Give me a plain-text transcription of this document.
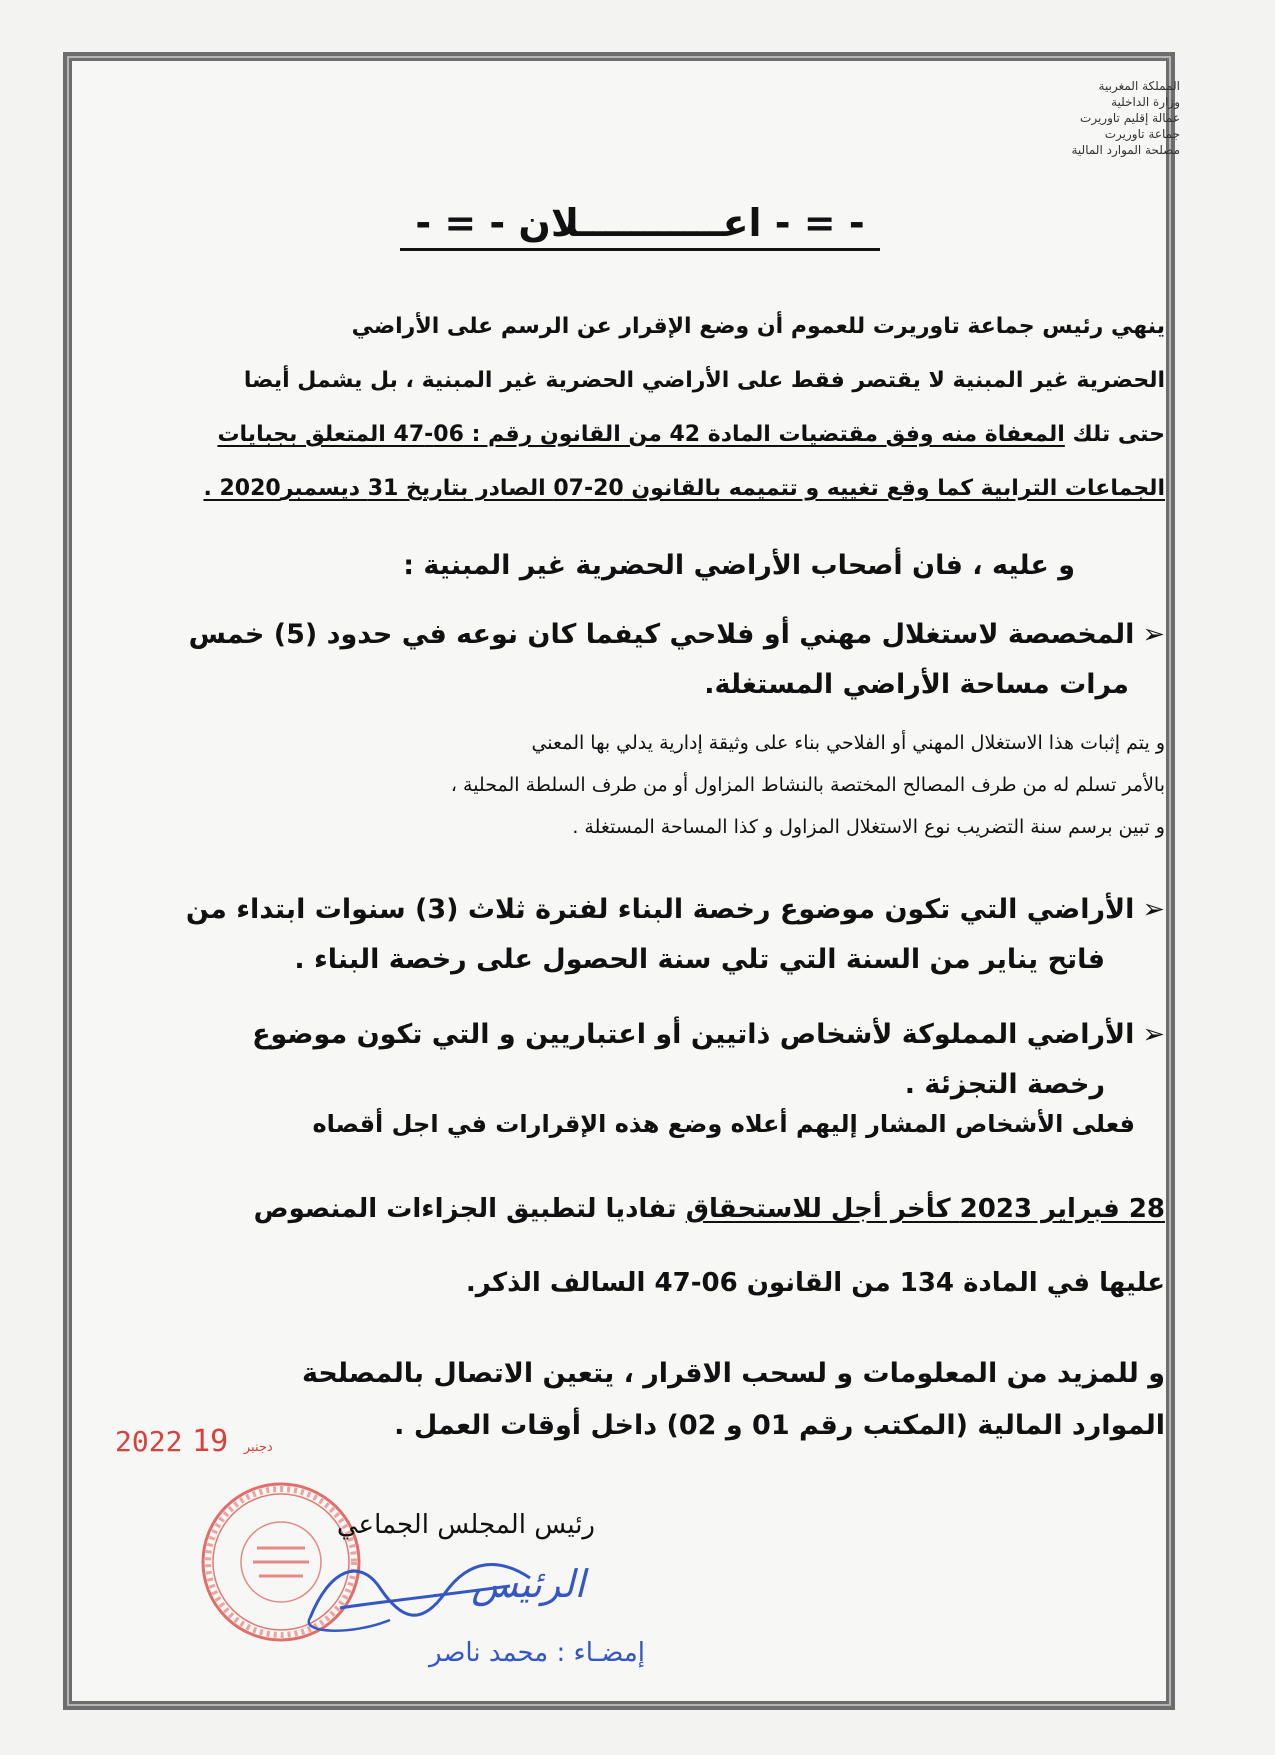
المملكة المغربية
وزارة الداخلية
عمالة إقليم تاوريرت
جماعة تاوريرت
مصلحة الموارد المالية
- = - اعـــــــــــلان - = -
ينهي رئيس جماعة تاوريرت للعموم أن وضع الإقرار عن الرسم على الأراضي
الحضرية غير المبنية لا يقتصر فقط على الأراضي الحضرية غير المبنية ، بل يشمل أيضا
حتى تلك المعفاة منه وفق مقتضيات المادة 42 من القانون رقم : 06-47 المتعلق بجبايات
الجماعات الترابية كما وقع تغييه و تتميمه بالقانون 20-07 الصادر بتاريخ 31 ديسمبر2020 .
و عليه ، فان أصحاب الأراضي الحضرية غير المبنية :
➢المخصصة لاستغلال مهني أو فلاحي كيفما كان نوعه في حدود (5) خمس
مرات مساحة الأراضي المستغلة.
و يتم إثبات هذا الاستغلال المهني أو الفلاحي بناء على وثيقة إدارية يدلي بها المعني
بالأمر تسلم له من طرف المصالح المختصة بالنشاط المزاول أو من طرف السلطة المحلية ،
و تبين برسم سنة التضريب نوع الاستغلال المزاول و كذا المساحة المستغلة .
➢الأراضي التي تكون موضوع رخصة البناء لفترة ثلاث (3) سنوات ابتداء من
فاتح يناير من السنة التي تلي سنة الحصول على رخصة البناء .
➢الأراضي المملوكة لأشخاص ذاتيين أو اعتباريين و التي تكون موضوع
رخصة التجزئة .
فعلى الأشخاص المشار إليهم أعلاه وضع هذه الإقرارات في اجل أقصاه
28 فبراير 2023 كأخر أجل للاستحقاق تفاديا لتطبيق الجزاءات المنصوص
عليها في المادة 134 من القانون 06-47 السالف الذكر.
و للمزيد من المعلومات و لسحب الاقرار ، يتعين الاتصال بالمصلحة
الموارد المالية (المكتب رقم 01 و 02) داخل أوقات العمل .
2022	دجنبر 19
رئيس المجلس الجماعي
الرئيس
إمضـاء : محمد ناصر
